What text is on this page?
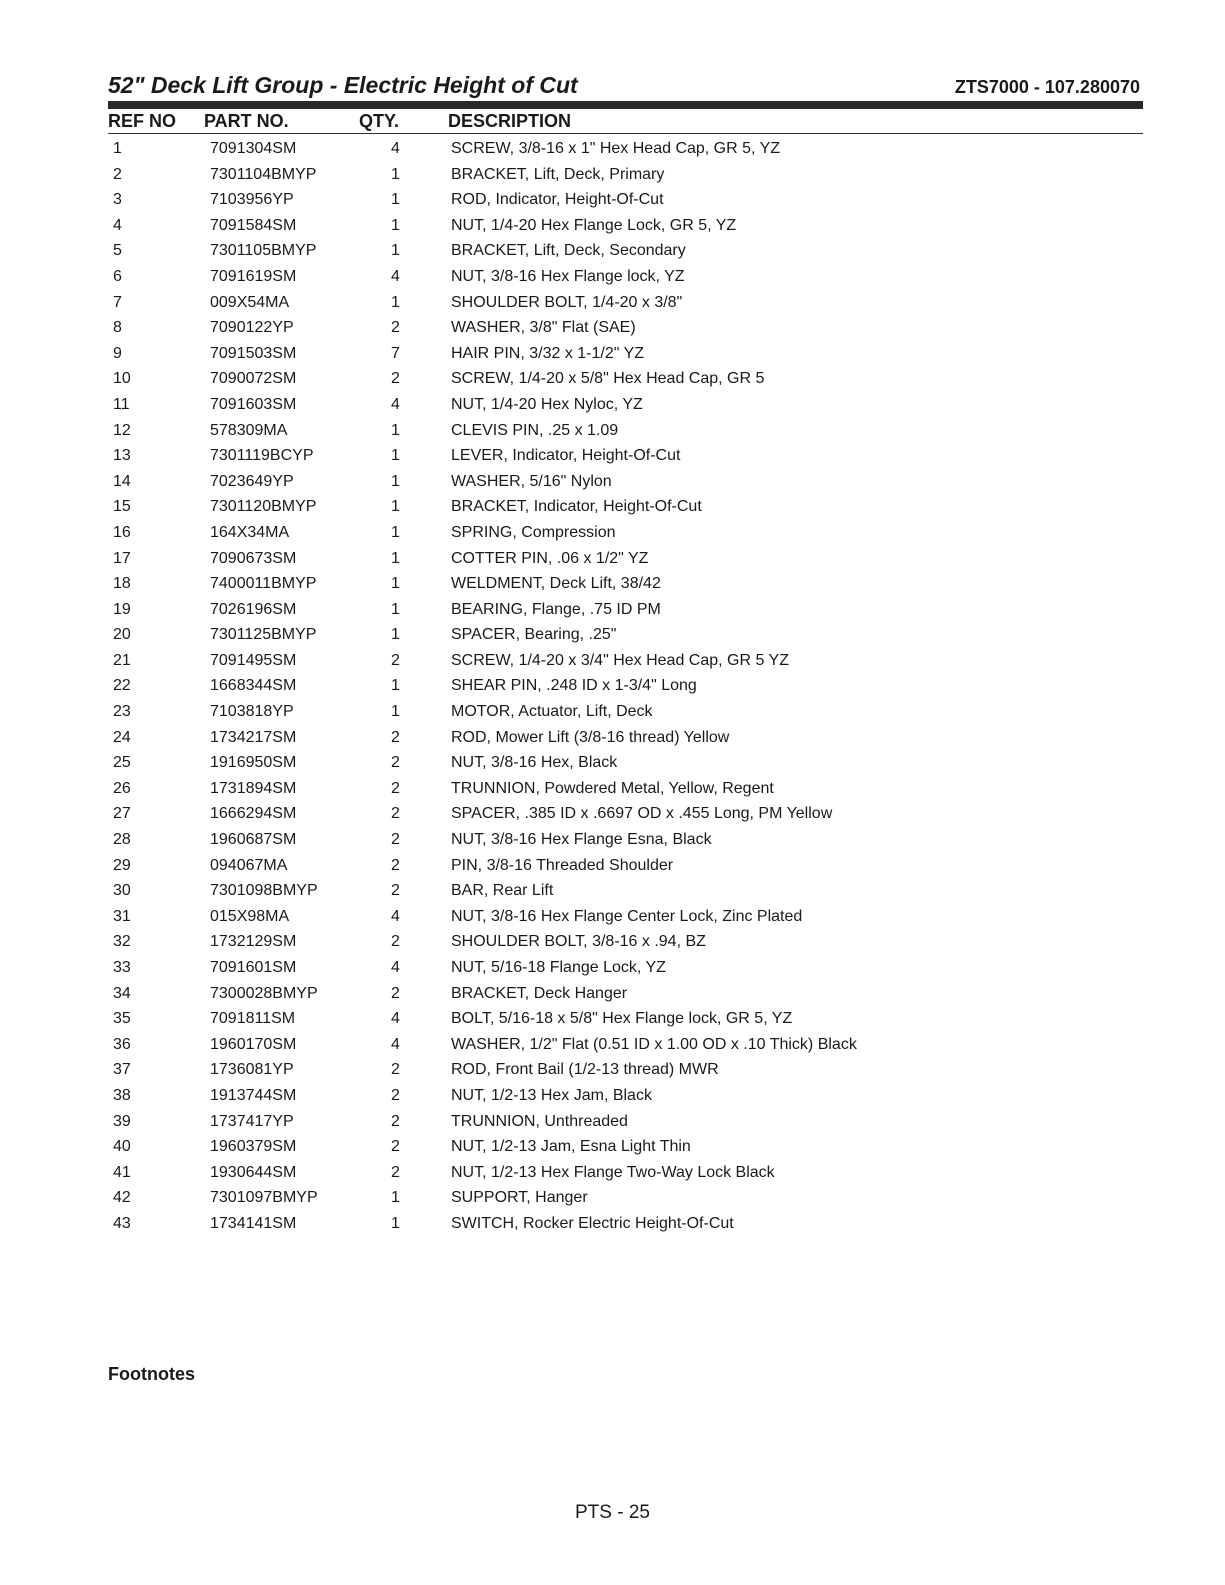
52" Deck Lift Group - Electric Height of Cut	ZTS7000 - 107.280070
REF NO PART NO.	QTY.	DESCRIPTION
1	7091304SM	4	SCREW, 3/8-16 x 1" Hex Head Cap, GR 5, YZ
2	7301104BMYP	1	BRACKET, Lift, Deck, Primary
3	7103956YP	1	ROD, Indicator, Height-Of-Cut
4	7091584SM	1	NUT, 1/4-20 Hex Flange Lock, GR 5, YZ
5	7301105BMYP	1	BRACKET, Lift, Deck, Secondary
6	7091619SM	4	NUT, 3/8-16 Hex Flange lock, YZ
7	009X54MA	1	SHOULDER BOLT, 1/4-20 x 3/8"
8	7090122YP	2	WASHER, 3/8" Flat (SAE)
9	7091503SM	7	HAIR PIN, 3/32 x 1-1/2" YZ
10	7090072SM	2	SCREW, 1/4-20 x 5/8" Hex Head Cap, GR 5
11	7091603SM	4	NUT, 1/4-20 Hex Nyloc, YZ
12	578309MA	1	CLEVIS PIN, .25 x 1.09
13	7301119BCYP	1	LEVER, Indicator, Height-Of-Cut
14	7023649YP	1	WASHER, 5/16" Nylon
15	7301120BMYP	1	BRACKET, Indicator, Height-Of-Cut
16	164X34MA	1	SPRING, Compression
17	7090673SM	1	COTTER PIN, .06 x 1/2" YZ
18	7400011BMYP	1	WELDMENT, Deck Lift, 38/42
19	7026196SM	1	BEARING, Flange, .75 ID PM
20	7301125BMYP	1	SPACER, Bearing, .25"
21	7091495SM	2	SCREW, 1/4-20 x 3/4" Hex Head Cap, GR 5 YZ
22	1668344SM	1	SHEAR PIN, .248 ID x 1-3/4" Long
23	7103818YP	1	MOTOR, Actuator, Lift, Deck
24	1734217SM	2	ROD, Mower Lift (3/8-16 thread) Yellow
25	1916950SM	2	NUT, 3/8-16 Hex, Black
26	1731894SM	2	TRUNNION, Powdered Metal, Yellow, Regent
27	1666294SM	2	SPACER, .385 ID x .6697 OD x .455 Long, PM Yellow
28	1960687SM	2	NUT, 3/8-16 Hex Flange Esna, Black
29	094067MA	2	PIN, 3/8-16 Threaded Shoulder
30	7301098BMYP	2	BAR, Rear Lift
31	015X98MA	4	NUT, 3/8-16 Hex Flange Center Lock, Zinc Plated
32	1732129SM	2	SHOULDER BOLT, 3/8-16 x .94, BZ
33	7091601SM	4	NUT, 5/16-18 Flange Lock, YZ
34	7300028BMYP	2	BRACKET, Deck Hanger
35	7091811SM	4	BOLT, 5/16-18 x 5/8" Hex Flange lock, GR 5, YZ
36	1960170SM	4	WASHER, 1/2" Flat (0.51 ID x 1.00 OD x .10 Thick) Black
37	1736081YP	2	ROD, Front Bail (1/2-13 thread) MWR
38	1913744SM	2	NUT, 1/2-13 Hex Jam, Black
39	1737417YP	2	TRUNNION, Unthreaded
40	1960379SM	2	NUT, 1/2-13 Jam, Esna Light Thin
41	1930644SM	2	NUT, 1/2-13 Hex Flange Two-Way Lock Black
42	7301097BMYP	1	SUPPORT, Hanger
43	1734141SM	1	SWITCH, Rocker Electric Height-Of-Cut
Footnotes
PTS - 25
